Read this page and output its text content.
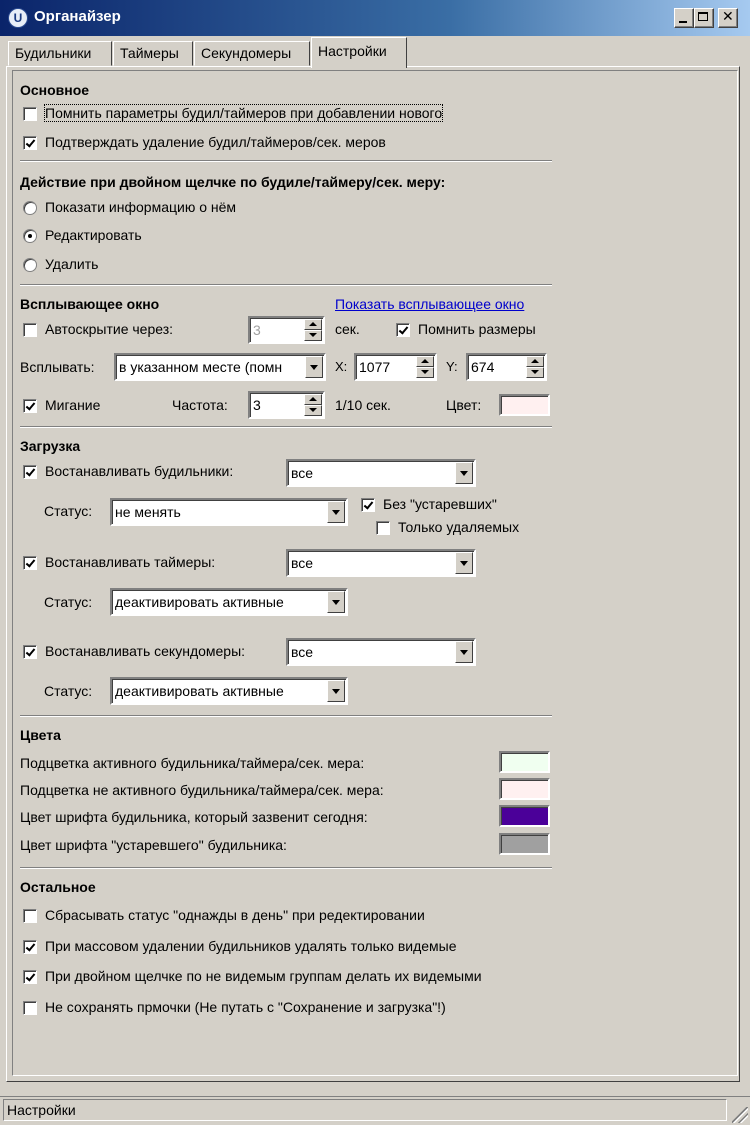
U Органайзер	✕
Будильники	Таймеры	Секундомеры	Настройки
Основное
Помнить параметры будил/таймеров при добавлении нового
Подтверждать удаление будил/таймеров/сек. меров
Действие при двойном щелчке по будиле/таймеру/сек. меру:
Показати информацию о нём
Редактировать
Удалить
Всплывающее окно	Показать всплывающее окно
Автоскрытие через:	3	сек.	Помнить размеры
Всплывать:	в указанном месте (помн	X: 1077	Y: 674
Мигание	Частота:	3	1/10 сек.	Цвет:
Загрузка
Востанавливать будильники:	все
Статус:	не менять	Без "устаревших"
Только удаляемых
Востанавливать таймеры:	все
Статус:	деактивировать активные
Востанавливать секундомеры:	все
Статус:	деактивировать активные
Цвета
Подцветка активного будильника/таймера/сек. мера:
Подцветка не активного будильника/таймера/сек. мера:
Цвет шрифта будильника, который зазвенит сегодня:
Цвет шрифта "устаревшего" будильника:
Остальное
Сбрасывать статус "однажды в день" при редектировании
При массовом удалении будильников удалять только видемые
При двойном щелчке по не видемым группам делать их видемыми
Не сохранять прмочки (Не путать с "Сохранение и загрузка"!)
Настройки
